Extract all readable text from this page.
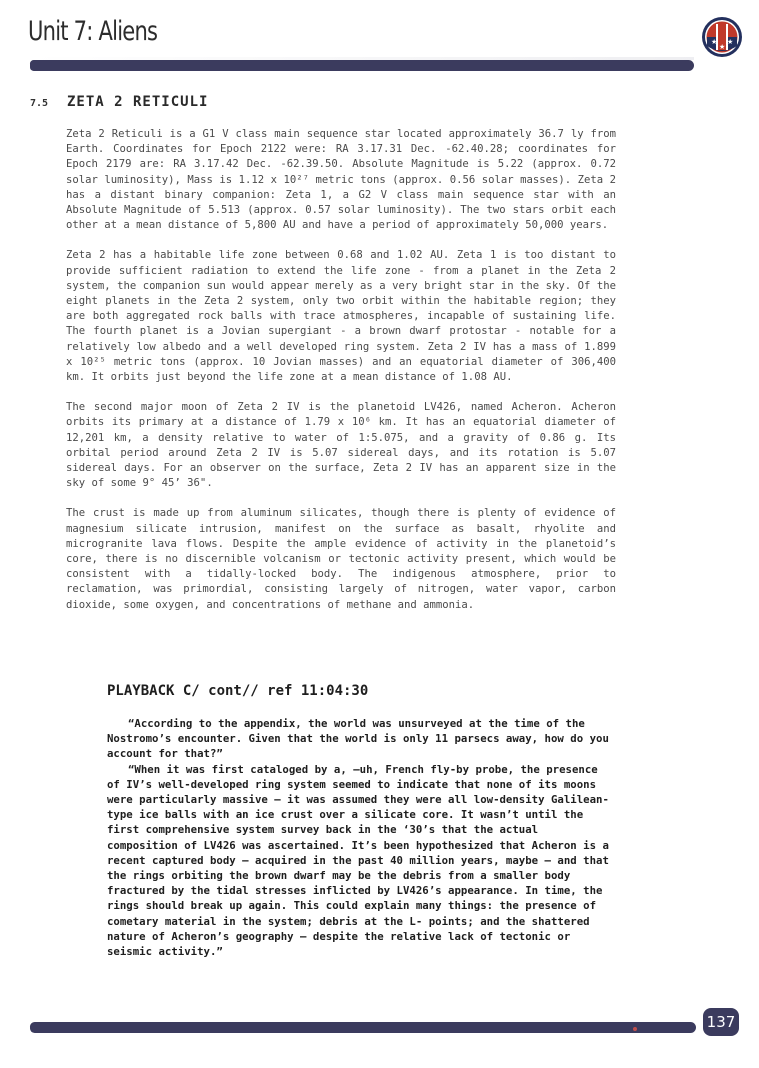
Unit 7: Aliens	★ ★
★
7.5 ZETA 2 RETICULI

Zeta 2 Reticuli is a G1 V class main sequence star located approximately 36.7 ly from Earth. Coordinates for Epoch 2122 were: RA 3.17.31 Dec. -62.40.28; coordinates for Epoch 2179 are: RA 3.17.42 Dec. -62.39.50. Absolute Magnitude is 5.22 (approx. 0.72 solar luminosity), Mass is 1.12 x 10²⁷ metric tons (approx. 0.56 solar masses). Zeta 2 has a distant binary companion: Zeta 1, a G2 V class main sequence star with an Absolute Magnitude of 5.513 (approx. 0.57 solar luminosity). The two stars orbit each other at a mean distance of 5,800 AU and have a period of approximately 50,000 years.

Zeta 2 has a habitable life zone between 0.68 and 1.02 AU. Zeta 1 is too distant to provide sufficient radiation to extend the life zone - from a planet in the Zeta 2 system, the companion sun would appear merely as a very bright star in the sky. Of the eight planets in the Zeta 2 system, only two orbit within the habitable region; they are both aggregated rock balls with trace atmospheres, incapable of sustaining life. The fourth planet is a Jovian supergiant - a brown dwarf protostar - notable for a relatively low albedo and a well developed ring system. Zeta 2 IV has a mass of 1.899 x 10²⁵ metric tons (approx. 10 Jovian masses) and an equatorial diameter of 306,400 km. It orbits just beyond the life zone at a mean distance of 1.08 AU.

The second major moon of Zeta 2 IV is the planetoid LV426, named Acheron. Acheron orbits its primary at a distance of 1.79 x 10⁶ km. It has an equatorial diameter of 12,201 km, a density relative to water of 1:5.075, and a gravity of 0.86 g. Its orbital period around Zeta 2 IV is 5.07 sidereal days, and its rotation is 5.07 sidereal days. For an observer on the surface, Zeta 2 IV has an apparent size in the sky of some 9° 45’ 36".

The crust is made up from aluminum silicates, though there is plenty of evidence of magnesium silicate intrusion, manifest on the surface as basalt, rhyolite and microgranite lava flows. Despite the ample evidence of activity in the planetoid’s core, there is no discernible volcanism or tectonic activity present, which would be consistent with a tidally-locked body. The indigenous atmosphere, prior to reclamation, was primordial, consisting largely of nitrogen, water vapor, carbon dioxide, some oxygen, and concentrations of methane and ammonia.

PLAYBACK C/ cont// ref 11:04:30

“According to the appendix, the world was unsurveyed at the time of the Nostromo’s encounter. Given that the world is only 11 parsecs away, how do you account for that?”

“When it was first cataloged by a, –uh, French fly-by probe, the presence of IV’s well-developed ring system seemed to indicate that none of its moons were particularly massive – it was assumed they were all low-density Galilean-type ice balls with an ice crust over a silicate core. It wasn’t until the first comprehensive system survey back in the ‘30’s that the actual composition of LV426 was ascertained. It’s been hypothesized that Acheron is a recent captured body – acquired in the past 40 million years, maybe – and that the rings orbiting the brown dwarf may be the debris from a smaller body fractured by the tidal stresses inflicted by LV426’s appearance. In time, the rings should break up again. This could explain many things: the presence of cometary material in the system; debris at the L- points; and the shattered nature of Acheron’s geography – despite the relative lack of tectonic or seismic activity.”

137
